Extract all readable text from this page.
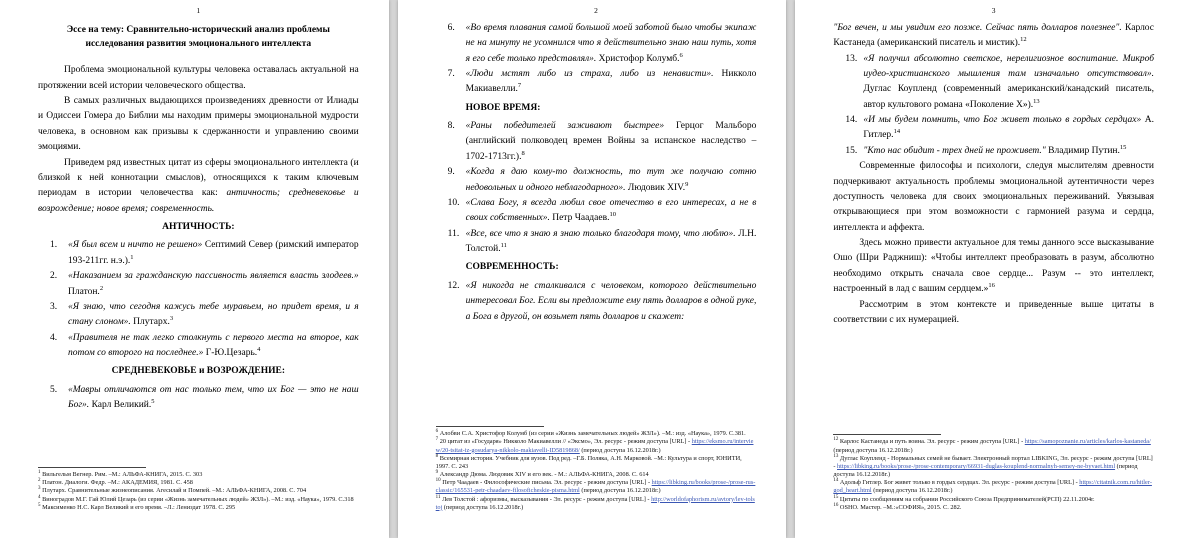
1
Эссе на тему: Сравнительно-исторический анализ проблемы исследования развития эмоционального интеллекта

Проблема эмоциональной культуры человека оставалась актуальной на протяжении всей истории человеческого общества.

В самых различных выдающихся произведениях древности от Илиады и Одиссеи Гомера до Библии мы находим примеры эмоциональной мудрости человека, в основном как призывы к сдержанности и управлению своими эмоциями.

Приведем ряд известных цитат из сферы эмоционального интеллекта (и близкой к ней коннотации смыслов), относящихся к таким ключевым периодам в истории человечества как: античность; средневековье и возрождение; новое время; современность.

АНТИЧНОСТЬ:
1.	«Я был всем и ничто не решено» Септимий Север (римский император 193-211гг. н.э.).$^1$
2.	«Наказанием за гражданскую пассивность является власть злодеев.» Платон.$^2$
3.	«Я знаю, что сегодня кажусь тебе муравьем, но придет время, и я стану слоном». Плутарх.$^3$
4.	«Правителя не так легко столкнуть с первого места на второе, как потом со второго на последнее.» Г-Ю.Цезарь.$^4$
СРЕДНЕВЕКОВЬЕ и ВОЗРОЖДЕНИЕ:
5.	«Мавры отличаются от нас только тем, что их Бог — это не наш Бог». Карл Великий.$^5$
$^1$ Вильгельм Вегнер. Рим. –М.: АЛЬФА-КНИГА, 2015. С. 303
$^2$ Платон. Диалоги. Федр. –М.: АКАДЕМИЯ, 1981. С. 458
$^3$ Плутарх. Сравнительные жизнеописания. Агесилай и Помпей. –М.: АЛЬФА-КНИГА, 2008. С. 704
$^4$ Виноградов М.Г. Гай Юлий Цезарь (из серии «Жизнь замечательных людей» ЖЗЛ»). –М.: изд. «Наука», 1979. С.318
$^5$ Максименко Н.С. Карл Великий и его время. –Л.: Лениздат 1978. С. 295
2
6.	«Во время плавания самой большой моей заботой было чтобы экипаж не на минуту не усомнился что я действительно знаю наш путь, хотя я его себе только представлял». Христофор Колумб.$^6$
7.	«Люди мстят либо из страха, либо из ненависти». Никколо Макиавелли.$^7$
НОВОЕ ВРЕМЯ:
8.	«Раны победителей заживают быстрее» Герцог Мальборо (английский полководец времен Войны за испанское наследство – 1702-1713гг.).$^8$
9.	«Когда я даю кому-то должность, то тут же получаю сотню недовольных и одного неблагодарного». Людовик XIV.$^9$
10. «Слава Богу, я всегда любил свое отечество в его интересах, а не в своих собственных». Петр Чаадаев.$^{10}$
11. «Все, все что я знаю я знаю только благодаря тому, что люблю». Л.Н. Толстой.$^{11}$
СОВРЕМЕННОСТЬ:
12. «Я никогда не сталкивался с человеком, которого действительно интересовал Бог. Если вы предложите ему пять долларов в одной руке, а Бога в другой, он возьмет пять долларов и скажет:
$^6$ Алобви С.А. Христофор Колумб (из серии «Жизнь замечательных людей» ЖЗЛ»). –М.: изд. «Наука», 1979. С.381.
$^7$ 20 цитат из «Государя» Никколо Макиавелли // «Эксмо», Эл. ресурс - режим доступа [URL] - https://eksmo.ru/interview/20-tsitat-iz-gosudarya-nikkolo-makiavelli-ID5819868/ (период доступа 16.12.2018г.)
$^8$ Всемирная история. Учебник для вузов. Под ред. –Г.Б. Поляка, А.Н. Марковой. –М.: Культура и спорт, ЮНИТИ, 1997. С. 243
$^9$ Александр Дюма. Людовик XIV и его век. - М.: АЛЬФА-КНИГА, 2008. С. 614
$^{10}$ Петр Чаадаев - Философические письма. Эл. ресурс - режим доступа [URL] - https://libking.ru/books/prose-/prose-rus-classic/165531-petr-chaadaev-filosoficheskie-pisma.html (период доступа 16.12.2018г.)
$^{11}$ Лев Толстой : афоризмы, высказывания - Эл. ресурс - режим доступа [URL] - http://worldofaphorism.ru/avtory/lev-tolstoj (период доступа 16.12.2018г.)
3

"Бог вечен, и мы увидим его позже. Сейчас пять долларов полезнее". Карлос Кастанеда (американский писатель и мистик).$^{12}$

13. «Я получил абсолютно светское, нерелигиозное воспитание. Микроб иудео-христианского мышления там изначально отсутствовал». Дуглас Коупленд (современный американский/канадский писатель, автор культового романа «Поколение Х»).$^{13}$
14. «И мы будем помнить, что Бог живет только в гордых сердцах» А. Гитлер.$^{14}$
15. "Кто нас обидит - трех дней не проживет." Владимир Путин.$^{15}$

Современные философы и психологи, следуя мыслителям древности подчеркивают актуальность проблемы эмоциональной аутентичности через доступность человека для своих эмоциональных переживаний. Увязывая открывающиеся при этом возможности с гармонией разума и сердца, интеллекта и аффекта.

Здесь можно привести актуальное для темы данного эссе высказывание Ошо (Шри Раджниш): «Чтобы интеллект преобразовать в разум, абсолютно необходимо открыть сначала свое сердце... Разум -- это интеллект, настроенный в лад с вашим сердцем.»$^{16}$

Рассмотрим в этом контексте и приведенные выше цитаты в соответствии с их нумерацией.

$^{12}$ Карлос Кастанеда и путь воина. Эл. ресурс - режим доступа [URL] - https://samopoznanie.ru/articles/karlos-kastaneda/ (период доступа 16.12.2018г.)
$^{13}$ Дуглас Коупленд - Нормальных семей не бывает. Электронный портал LIBKING, Эл. ресурс - режим доступа [URL] - https://libking.ru/books/prose-/prose-contemporary/66931-duglas-kouplend-normalnyh-semey-ne-byvaet.html (период доступа 16.12.2018г.)
$^{14}$ Адольф Гитлер. Бог живет только в гордых сердцах. Эл. ресурс - режим доступа [URL] - https://citatnik.com.ru/hitler-god_heart.html (период доступа 16.12.2018г.)
$^{15}$ Цитаты по сообщениям на собрании Российского Союза Предпринимателей(РСП) 22.11.2004г.
$^{16}$ OSHO. Мастер. –М.:«СОФИЯ», 2015. С. 282.
